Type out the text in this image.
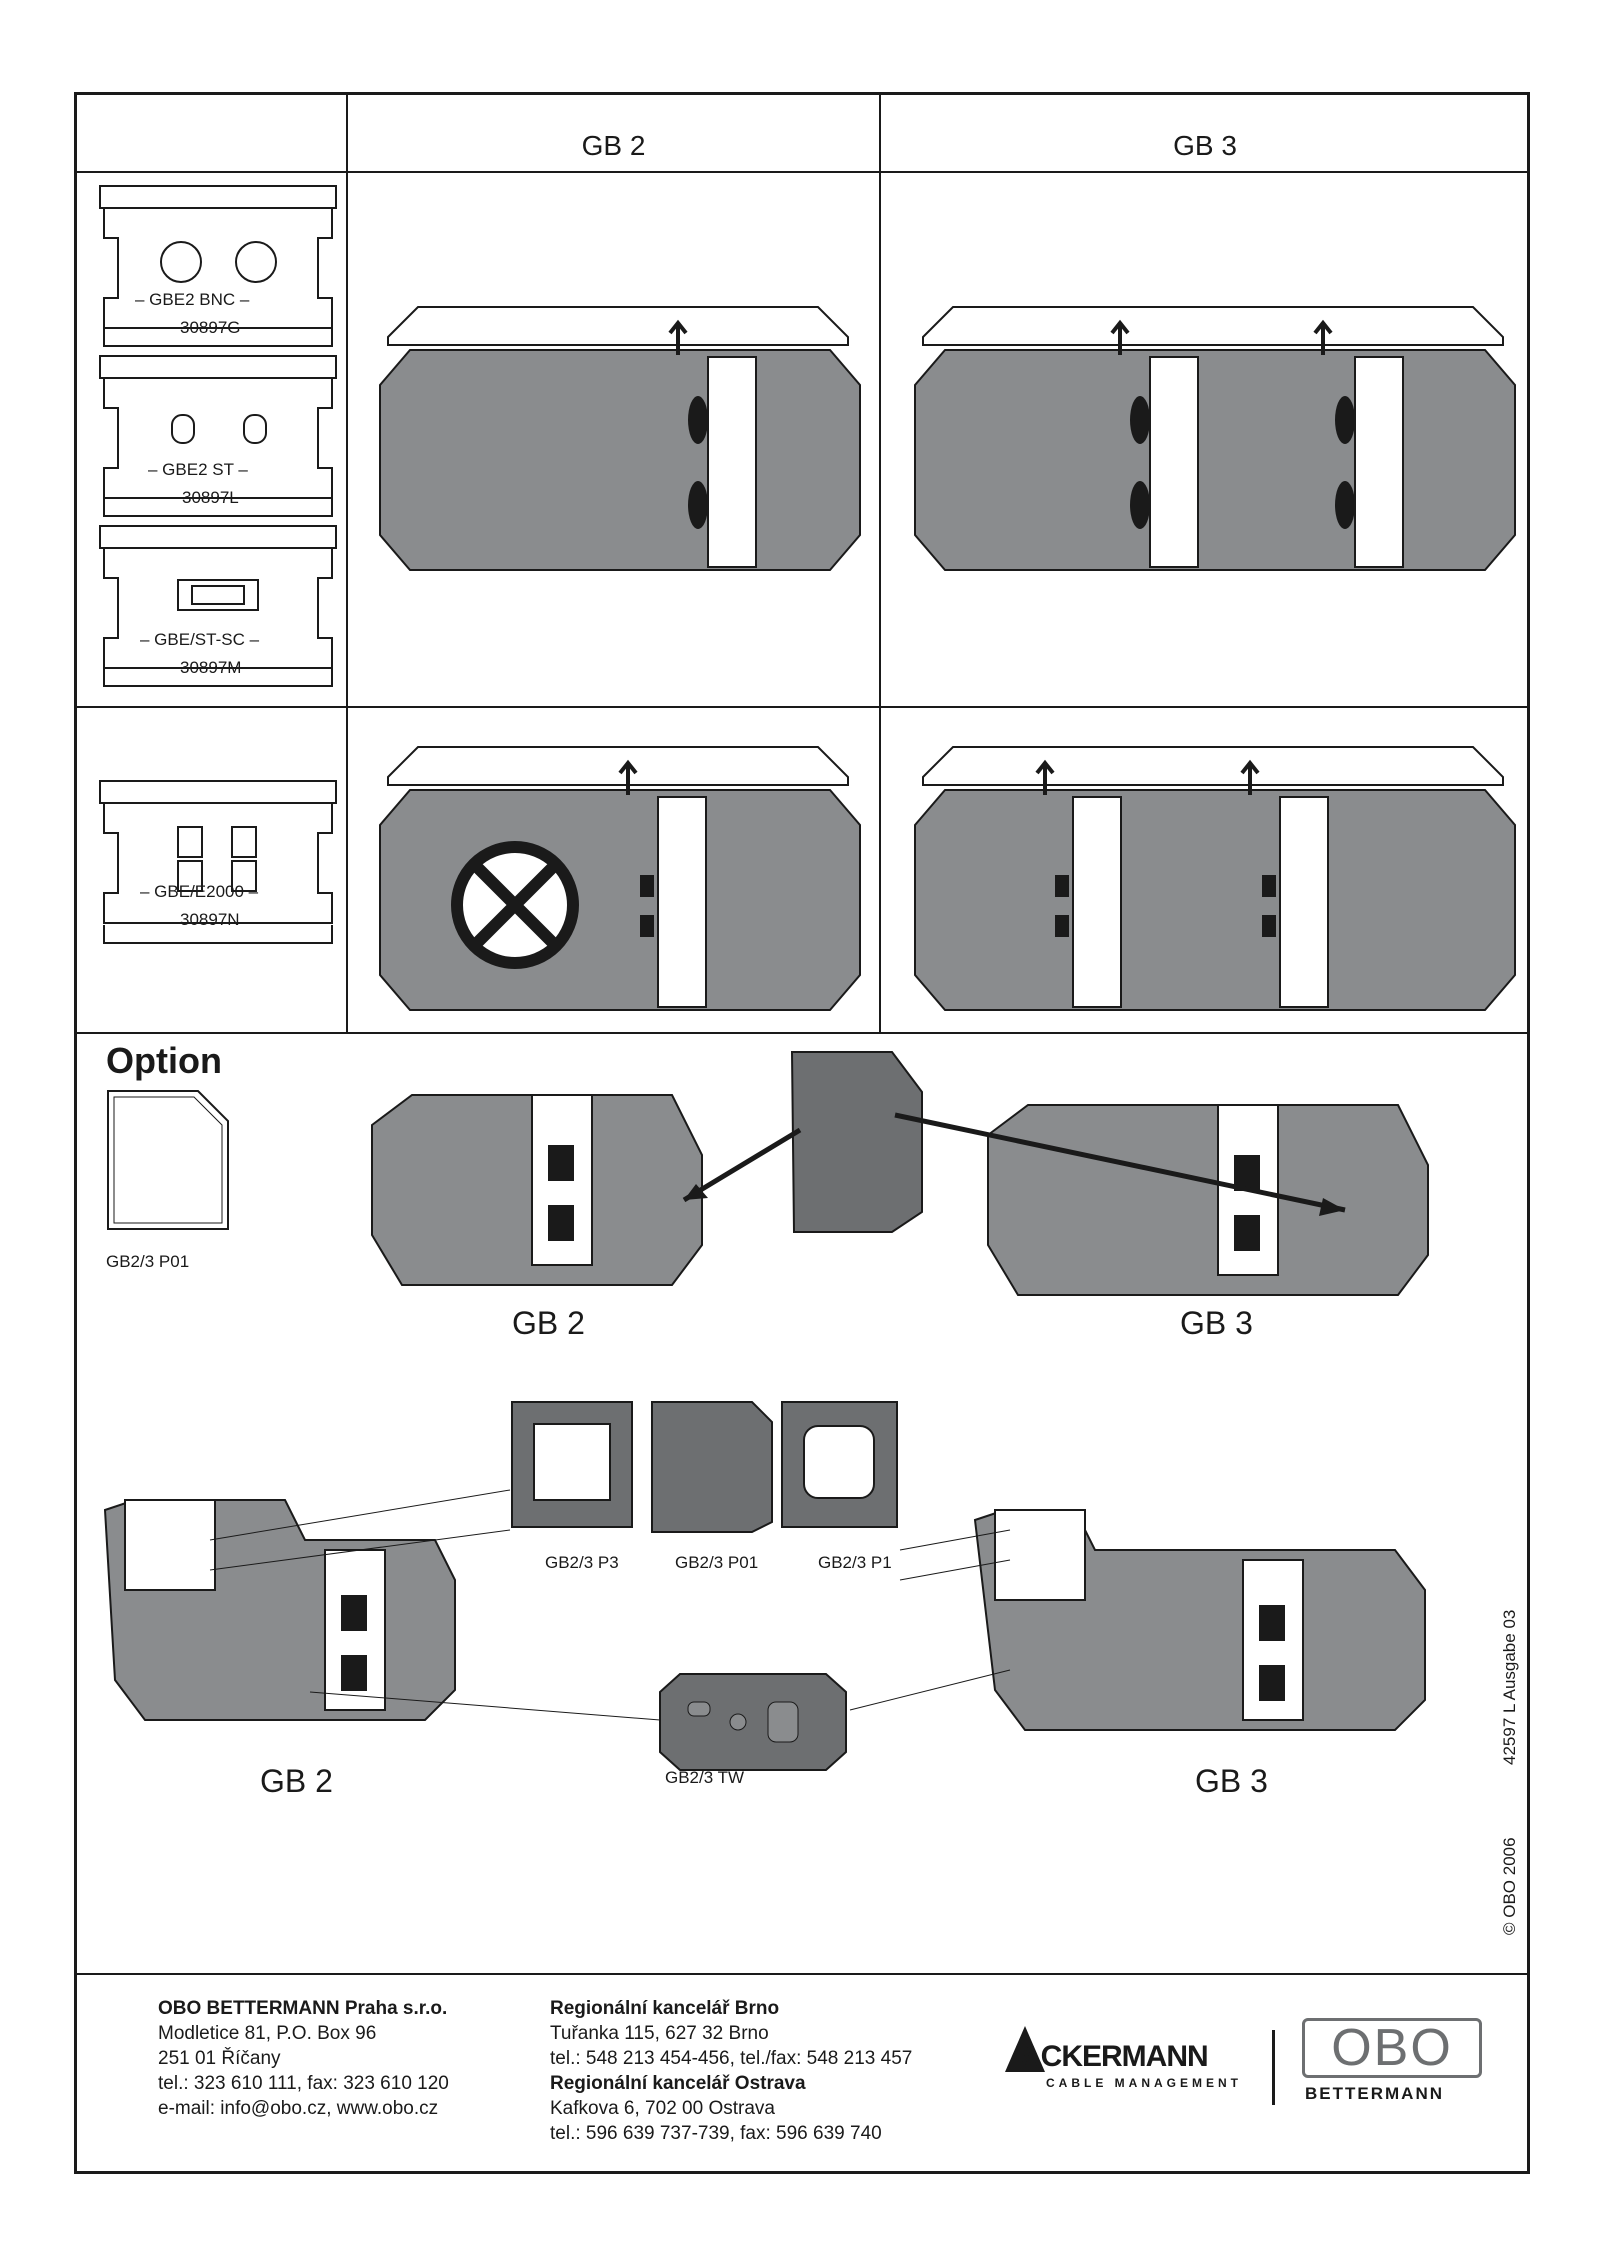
GB 2	GB 3
– GBE2 BNC –
30897G
– GBE2 ST –
30897L
– GBE/ST-SC –
30897M
– GBE/E2000 –
30897N
Option
GB2/3 P01
GB 2	GB 3
GB2/3 P3	GB2/3 P01	GB2/3 P1
GB2/3 TW
GB 2	GB 3
42597 L Ausgabe 03
© OBO 2006
OBO BETTERMANN Praha s.r.o.
Modletice 81, P.O. Box 96
251 01 Říčany
tel.: 323 610 111, fax: 323 610 120
e-mail: info@obo.cz, www.obo.cz
Regionální kancelář Brno
Tuřanka 115, 627 32 Brno
tel.: 548 213 454-456, tel./fax: 548 213 457
Regionální kancelář Ostrava
Kafkova 6, 702 00 Ostrava
tel.: 596 639 737-739, fax: 596 639 740
ACKERMANN
CABLE MANAGEMENT
OBO
BETTERMANN
